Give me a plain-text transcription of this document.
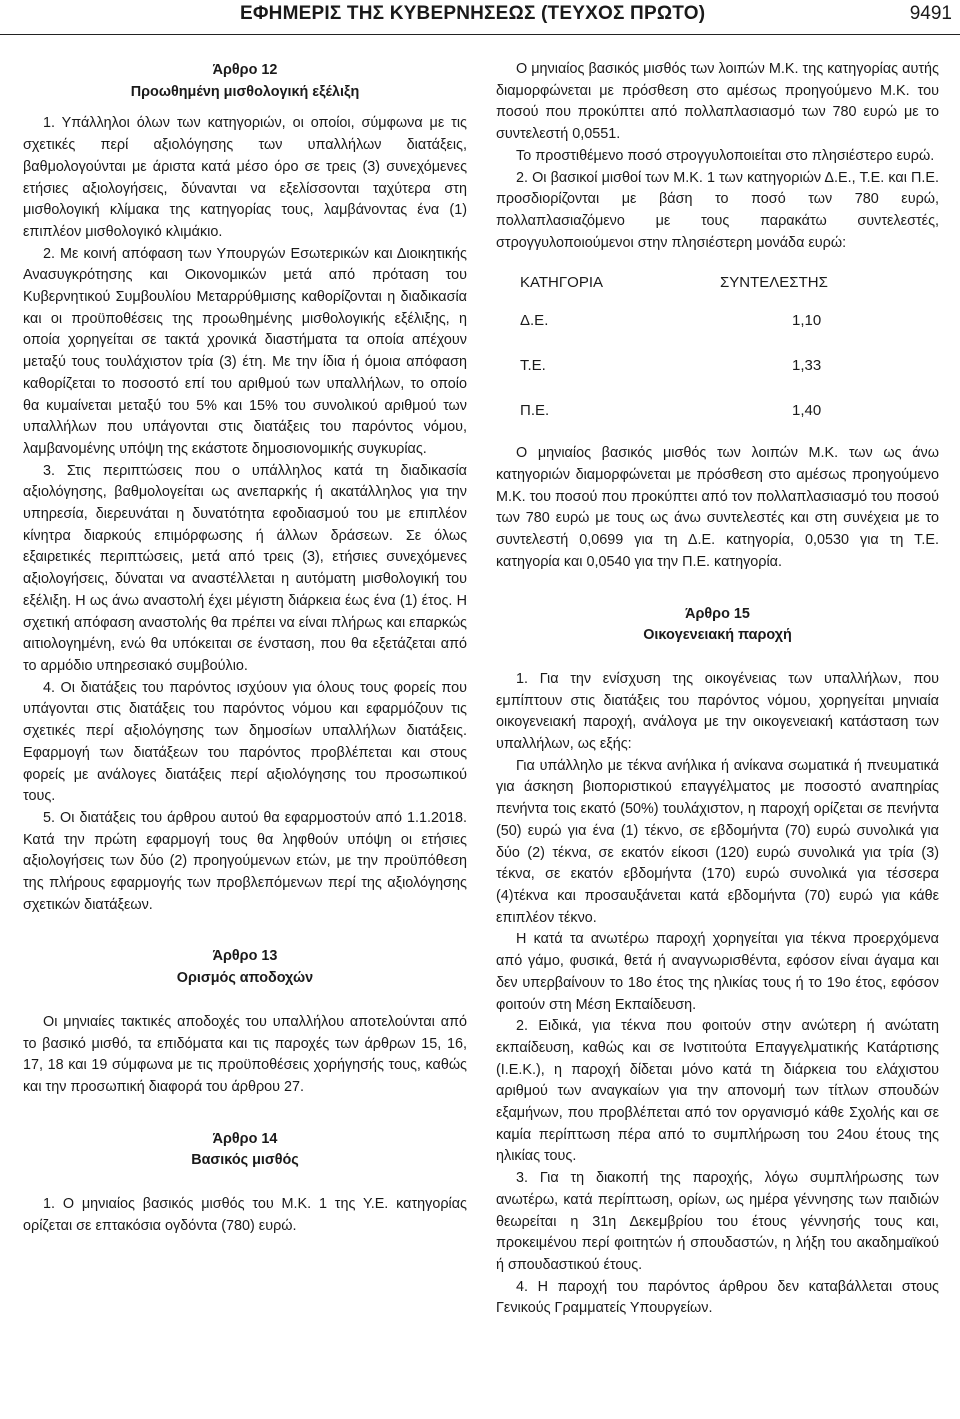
ΕΦΗΜΕΡΙΣ ΤΗΣ ΚΥΒΕΡΝΗΣΕΩΣ (ΤΕΥΧΟΣ ΠΡΩΤΟ)	9491
Άρθρο 12
Προωθημένη μισθολογική εξέλιξη

1. Υπάλληλοι όλων των κατηγοριών, οι οποίοι, σύμφωνα με τις σχετικές περί αξιολόγησης των υπαλλήλων διατάξεις, βαθμολογούνται με άριστα κατά μέσο όρο σε τρεις (3) συνεχόμενες ετήσιες αξιολογήσεις, δύνανται να εξελίσσονται ταχύτερα στη μισθολογική κλίμακα της κατηγορίας τους, λαμβάνοντας ένα (1) επιπλέον μισθολογικό κλιμάκιο.

2. Με κοινή απόφαση των Υπουργών Εσωτερικών και Διοικητικής Ανασυγκρότησης και Οικονομικών μετά από πρόταση του Κυβερνητικού Συμβουλίου Μεταρρύθμισης καθορίζονται η διαδικασία και οι προϋποθέσεις της προωθημένης μισθολογικής εξέλιξης, η οποία χορηγείται σε τακτά χρονικά διαστήματα τα οποία απέχουν μεταξύ τους τουλάχιστον τρία (3) έτη. Με την ίδια ή όμοια απόφαση καθορίζεται το ποσοστό επί του αριθμού των υπαλλήλων, το οποίο θα κυμαίνεται μεταξύ του 5% και 15% του συνολικού αριθμού των υπαλλήλων που υπάγονται στις διατάξεις του παρόντος νόμου, λαμβανομένης υπόψη της εκάστοτε δημοσιονομικής συγκυρίας.

3. Στις περιπτώσεις που ο υπάλληλος κατά τη διαδικασία αξιολόγησης, βαθμολογείται ως ανεπαρκής ή ακατάλληλος για την υπηρεσία, διερευνάται η δυνατότητα εφοδιασμού του με επιπλέον κίνητρα διαρκούς επιμόρφωσης ή άλλων δράσεων. Σε όλως εξαιρετικές περιπτώσεις, μετά από τρεις (3), ετήσιες συνεχόμενες αξιολογήσεις, δύναται να αναστέλλεται η αυτόματη μισθολογική του εξέλιξη. Η ως άνω αναστολή έχει μέγιστη διάρκεια έως ένα (1) έτος. Η σχετική απόφαση αναστολής θα πρέπει να είναι πλήρως και επαρκώς αιτιολογημένη, ενώ θα υπόκειται σε ένσταση, που θα εξετάζεται από το αρμόδιο υπηρεσιακό συμβούλιο.

4. Οι διατάξεις του παρόντος ισχύουν για όλους τους φορείς που υπάγονται στις διατάξεις του παρόντος νόμου και εφαρμόζουν τις σχετικές περί αξιολόγησης των δημοσίων υπαλλήλων διατάξεις. Εφαρμογή των διατάξεων του παρόντος προβλέπεται και στους φορείς με ανάλογες διατάξεις περί αξιολόγησης του προσωπικού τους.

5. Οι διατάξεις του άρθρου αυτού θα εφαρμοστούν από 1.1.2018. Κατά την πρώτη εφαρμογή τους θα ληφθούν υπόψη οι ετήσιες αξιολογήσεις των δύο (2) προηγούμενων ετών, με την προϋπόθεση της πλήρους εφαρμογής των προβλεπόμενων περί της αξιολόγησης σχετικών διατάξεων.

Άρθρο 13
Ορισμός αποδοχών

Οι μηνιαίες τακτικές αποδοχές του υπαλλήλου αποτελούνται από το βασικό μισθό, τα επιδόματα και τις παροχές των άρθρων 15, 16, 17, 18 και 19 σύμφωνα με τις προϋποθέσεις χορήγησής τους, καθώς και την προσωπική διαφορά του άρθρου 27.

Άρθρο 14
Βασικός μισθός

1. Ο μηνιαίος βασικός μισθός του Μ.Κ. 1 της Υ.Ε. κατηγορίας ορίζεται σε επτακόσια ογδόντα (780) ευρώ.

Ο μηνιαίος βασικός μισθός των λοιπών Μ.Κ. της κατηγορίας αυτής διαμορφώνεται με πρόσθεση στο αμέσως προηγούμενο Μ.Κ. του ποσού που προκύπτει από πολλαπλασιασμό των 780 ευρώ με το συντελεστή 0,0551.

Το προστιθέμενο ποσό στρογγυλοποιείται στο πλησιέστερο ευρώ.

2. Οι βασικοί μισθοί των Μ.Κ. 1 των κατηγοριών Δ.Ε., Τ.Ε. και Π.Ε. προσδιορίζονται με βάση το ποσό των 780 ευρώ, πολλαπλασιαζόμενο με τους παρακάτω συντελεστές, στρογγυλοποιούμενοι στην πλησιέστερη μονάδα ευρώ:

ΚΑΤΗΓΟΡΙΑ	ΣΥΝΤΕΛΕΣΤΗΣ
Δ.Ε.	1,10
Τ.Ε.	1,33
Π.Ε.	1,40

Ο μηνιαίος βασικός μισθός των λοιπών Μ.Κ. των ως άνω κατηγοριών διαμορφώνεται με πρόσθεση στο αμέσως προηγούμενο Μ.Κ. του ποσού που προκύπτει από τον πολλαπλασιασμό του ποσού των 780 ευρώ με τους ως άνω συντελεστές και στη συνέχεια με το συντελεστή 0,0699 για τη Δ.Ε. κατηγορία, 0,0530 για τη Τ.Ε. κατηγορία και 0,0540 για την Π.Ε. κατηγορία.

Άρθρο 15
Οικογενειακή παροχή

1. Για την ενίσχυση της οικογένειας των υπαλλήλων, που εμπίπτουν στις διατάξεις του παρόντος νόμου, χορηγείται μηνιαία οικογενειακή παροχή, ανάλογα με την οικογενειακή κατάσταση των υπαλλήλων, ως εξής:

Για υπάλληλο με τέκνα ανήλικα ή ανίκανα σωματικά ή πνευματικά για άσκηση βιοποριστικού επαγγέλματος με ποσοστό αναπηρίας πενήντα τοις εκατό (50%) τουλάχιστον, η παροχή ορίζεται σε πενήντα (50) ευρώ για ένα (1) τέκνο, σε εβδομήντα (70) ευρώ συνολικά για δύο (2) τέκνα, σε εκατόν είκοσι (120) ευρώ συνολικά για τρία (3) τέκνα, σε εκατόν εβδομήντα (170) ευρώ συνολικά για τέσσερα (4)τέκνα και προσαυξάνεται κατά εβδομήντα (70) ευρώ για κάθε επιπλέον τέκνο.

Η κατά τα ανωτέρω παροχή χορηγείται για τέκνα προερχόμενα από γάμο, φυσικά, θετά ή αναγνωρισθέντα, εφόσον είναι άγαμα και δεν υπερβαίνουν το 18ο έτος της ηλικίας τους ή το 19ο έτος, εφόσον φοιτούν στη Μέση Εκπαίδευση.

2. Ειδικά, για τέκνα που φοιτούν στην ανώτερη ή ανώτατη εκπαίδευση, καθώς και σε Ινστιτούτα Επαγγελματικής Κατάρτισης (Ι.Ε.Κ.), η παροχή δίδεται μόνο κατά τη διάρκεια του ελάχιστου αριθμού των αναγκαίων για την απονομή των τίτλων σπουδών εξαμήνων, που προβλέπεται από τον οργανισμό κάθε Σχολής και σε καμία περίπτωση πέρα από το συμπλήρωση του 24ου έτους της ηλικίας τους.

3. Για τη διακοπή της παροχής, λόγω συμπλήρωσης των ανωτέρω, κατά περίπτωση, ορίων, ως ημέρα γέννησης των παιδιών θεωρείται η 31η Δεκεμβρίου του έτους γέννησής τους και, προκειμένου περί φοιτητών ή σπουδαστών, η λήξη του ακαδημαϊκού ή σπουδαστικού έτους.

4. Η παροχή του παρόντος άρθρου δεν καταβάλλεται στους Γενικούς Γραμματείς Υπουργείων.
